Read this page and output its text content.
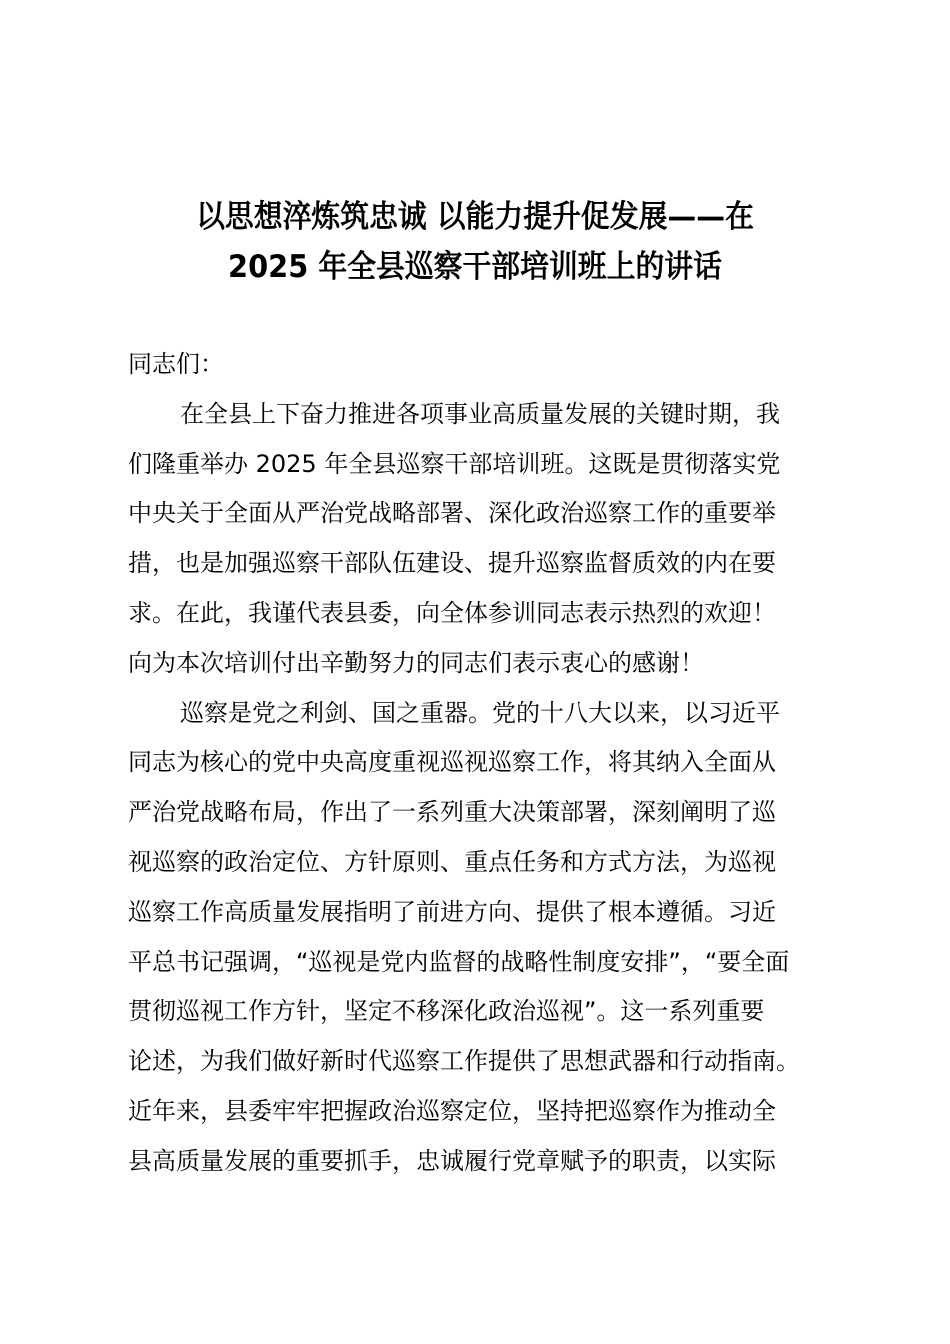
以思想淬炼筑忠诚 以能力提升促发展——在
2025 年全县巡察干部培训班上的讲话
同志们：
在全县上下奋力推进各项事业高质量发展的关键时期，我
们隆重举办 2025 年全县巡察干部培训班。这既是贯彻落实党
中央关于全面从严治党战略部署、深化政治巡察工作的重要举
措，也是加强巡察干部队伍建设、提升巡察监督质效的内在要
求。在此，我谨代表县委，向全体参训同志表示热烈的欢迎！
向为本次培训付出辛勤努力的同志们表示衷心的感谢！
巡察是党之利剑、国之重器。党的十八大以来，以习近平
同志为核心的党中央高度重视巡视巡察工作，将其纳入全面从
严治党战略布局，作出了一系列重大决策部署，深刻阐明了巡
视巡察的政治定位、方针原则、重点任务和方式方法，为巡视
巡察工作高质量发展指明了前进方向、提供了根本遵循。习近
平总书记强调，“巡视是党内监督的战略性制度安排”，“要全面
贯彻巡视工作方针，坚定不移深化政治巡视”。这一系列重要
论述，为我们做好新时代巡察工作提供了思想武器和行动指南。
近年来，县委牢牢把握政治巡察定位，坚持把巡察作为推动全
县高质量发展的重要抓手，忠诚履行党章赋予的职责，以实际
